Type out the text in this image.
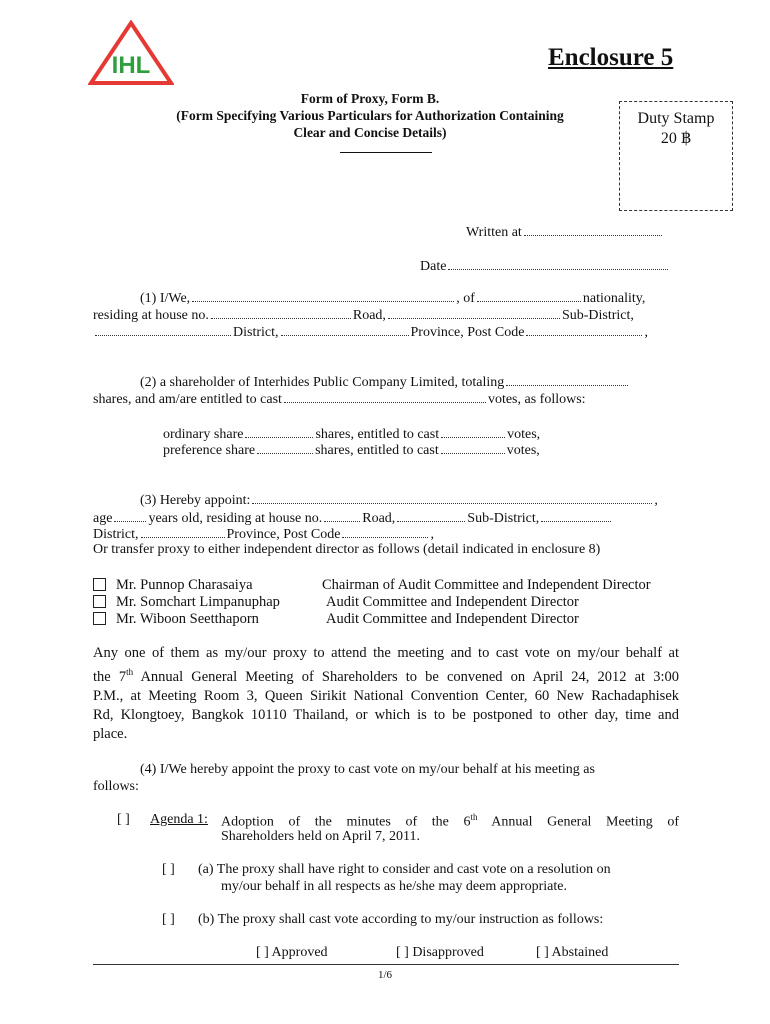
IHL	Enclosure 5
Form of Proxy, Form B.
(Form Specifying Various Particulars for Authorization Containing
Clear and Concise Details)
Duty Stamp
20 ฿
Written at
Date
(1) I/We,	, of	nationality,
residing at house no.	Road,	Sub-District,
District,	Province, Post Code	,
(2) a shareholder of Interhides Public Company Limited, totaling
shares, and am/are entitled to cast	votes, as follows:
ordinary share	shares, entitled to cast	votes,
preference share	shares, entitled to cast	votes,
(3) Hereby appoint:	,
age	years old, residing at house no.	Road,	Sub-District,
District,	Province, Post Code	,
Or transfer proxy to either independent director as follows (detail indicated in enclosure 8)
Mr. Punnop Charasaiya	Chairman of Audit Committee and Independent Director
Mr. Somchart Limpanuphap	Audit Committee and Independent Director
Mr. Wiboon Seetthaporn	Audit Committee and Independent Director
Any one of them as my/our proxy to attend the meeting and to cast vote on my/our behalf at
the 7th Annual General Meeting of Shareholders to be convened on April 24, 2012 at 3:00
P.M., at Meeting Room 3, Queen Sirikit National Convention Center, 60 New Rachadaphisek
Rd, Klongtoey, Bangkok 10110 Thailand, or which is to be postponed to other day, time and
place.
(4) I/We hereby appoint the proxy to cast vote on my/our behalf at his meeting as
follows:
[ ] Agenda 1: Adoption of the minutes of the 6th Annual General Meeting of
Shareholders held on April 7, 2011.
[ ] (a) The proxy shall have right to consider and cast vote on a resolution on
my/our behalf in all respects as he/she may deem appropriate.
[ ] (b) The proxy shall cast vote according to my/our instruction as follows:
[ ] Approved	[ ] Disapproved	[ ] Abstained
1/6
